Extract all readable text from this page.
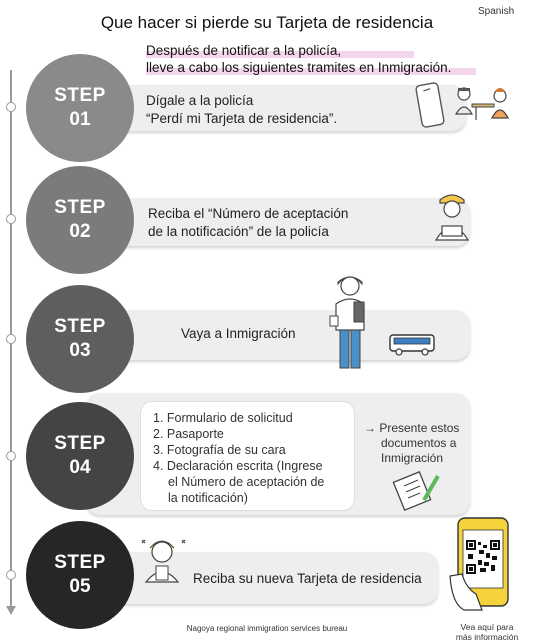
Spanish
Que hacer si pierde su Tarjeta de residencia
Después de notificar a la policía,
lleve a cabo los siguientes tramites en Inmigración.
STEP
01
Dígale a la policía
“Perdí mi Tarjeta de residencia”.
STEP
02
Reciba el “Número de aceptación
de la notificación” de la policía
STEP
03
Vaya a Inmigración
STEP
04
1. Formulario de solicitud
2. Pasaporte
3. Fotografía de su cara
4. Declaración escrita (Ingrese
el Número de aceptación de
la notificación)
→ Presente estos
documentos a
Inmigración
STEP
05	Reciba su nueva Tarjeta de residencia
Nagoya regional immigration services bureau	Vea aquí para
más información
